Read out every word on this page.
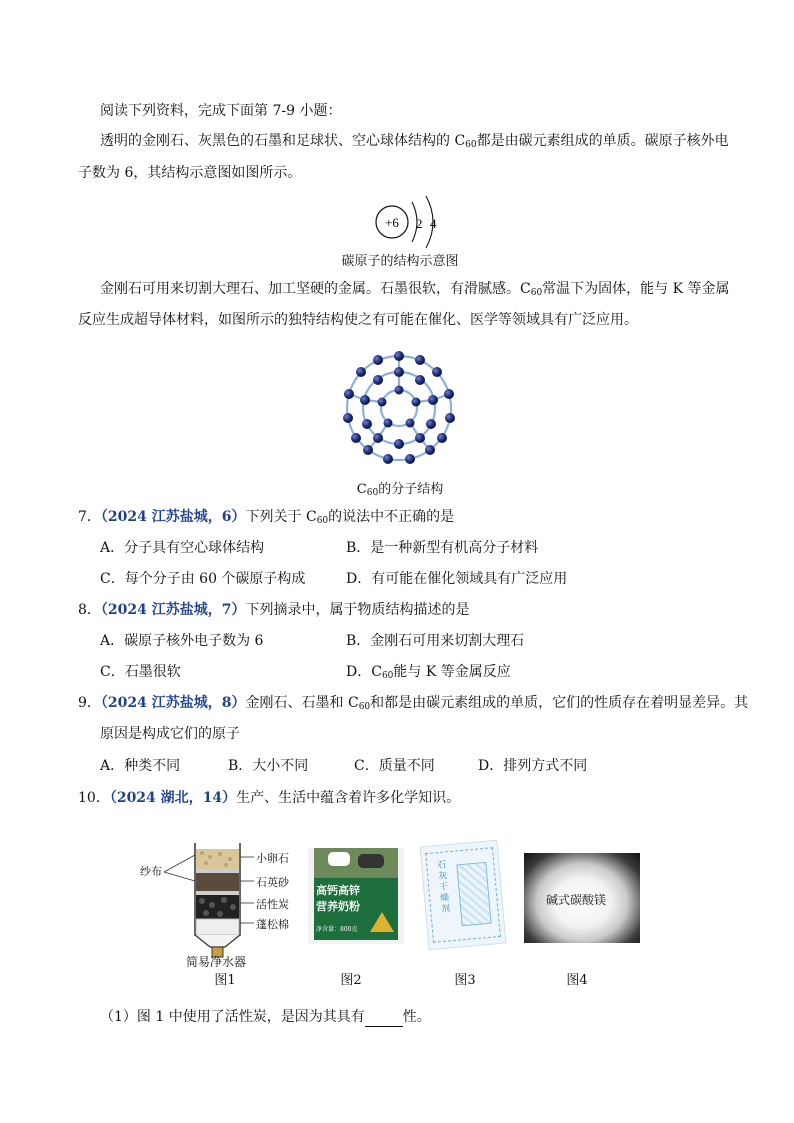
阅读下列资料，完成下面第 7-9 小题：
透明的金刚石、灰黑色的石墨和足球状、空心球体结构的 $C_{60}$都是由碳元素组成的单质。碳原子核外电
子数为 6，其结构示意图如图所示。
+6 2 4
碳原子的结构示意图
金刚石可用来切割大理石、加工坚硬的金属。石墨很软，有滑腻感。$C_{60}$常温下为固体，能与 K 等金属
反应生成超导体材料，如图所示的独特结构使之有可能在催化、医学等领域具有广泛应用。
$C_{60}$的分子结构
7．（2024 江苏盐城，6）下列关于 $C_{60}$的说法中不正确的是
A．分子具有空心球体结构	B．是一种新型有机高分子材料
C．每个分子由 60 个碳原子构成	D．有可能在催化领域具有广泛应用
8．（2024 江苏盐城，7）下列摘录中，属于物质结构描述的是
A．碳原子核外电子数为 6	B．金刚石可用来切割大理石
C．石墨很软	D．$C_{60}$能与 K 等金属反应
9．（2024 江苏盐城，8）金刚石、石墨和 $C_{60}$和都是由碳元素组成的单质，它们的性质存在着明显差异。其
原因是构成它们的原子
A．种类不同	B．大小不同	C．质量不同	D．排列方式不同
10．（2024 湖北，14）生产、生活中蕴含着许多化学知识。
纱布
小卵石
石英砂
活性炭
蓬松棉
简易净水器
图1
高钙高锌
营养奶粉
净含量：800克
图2
石灰干燥剂
图3
碱式碳酸镁
图4
（1）图 1 中使用了活性炭，是因为其具有	性。
